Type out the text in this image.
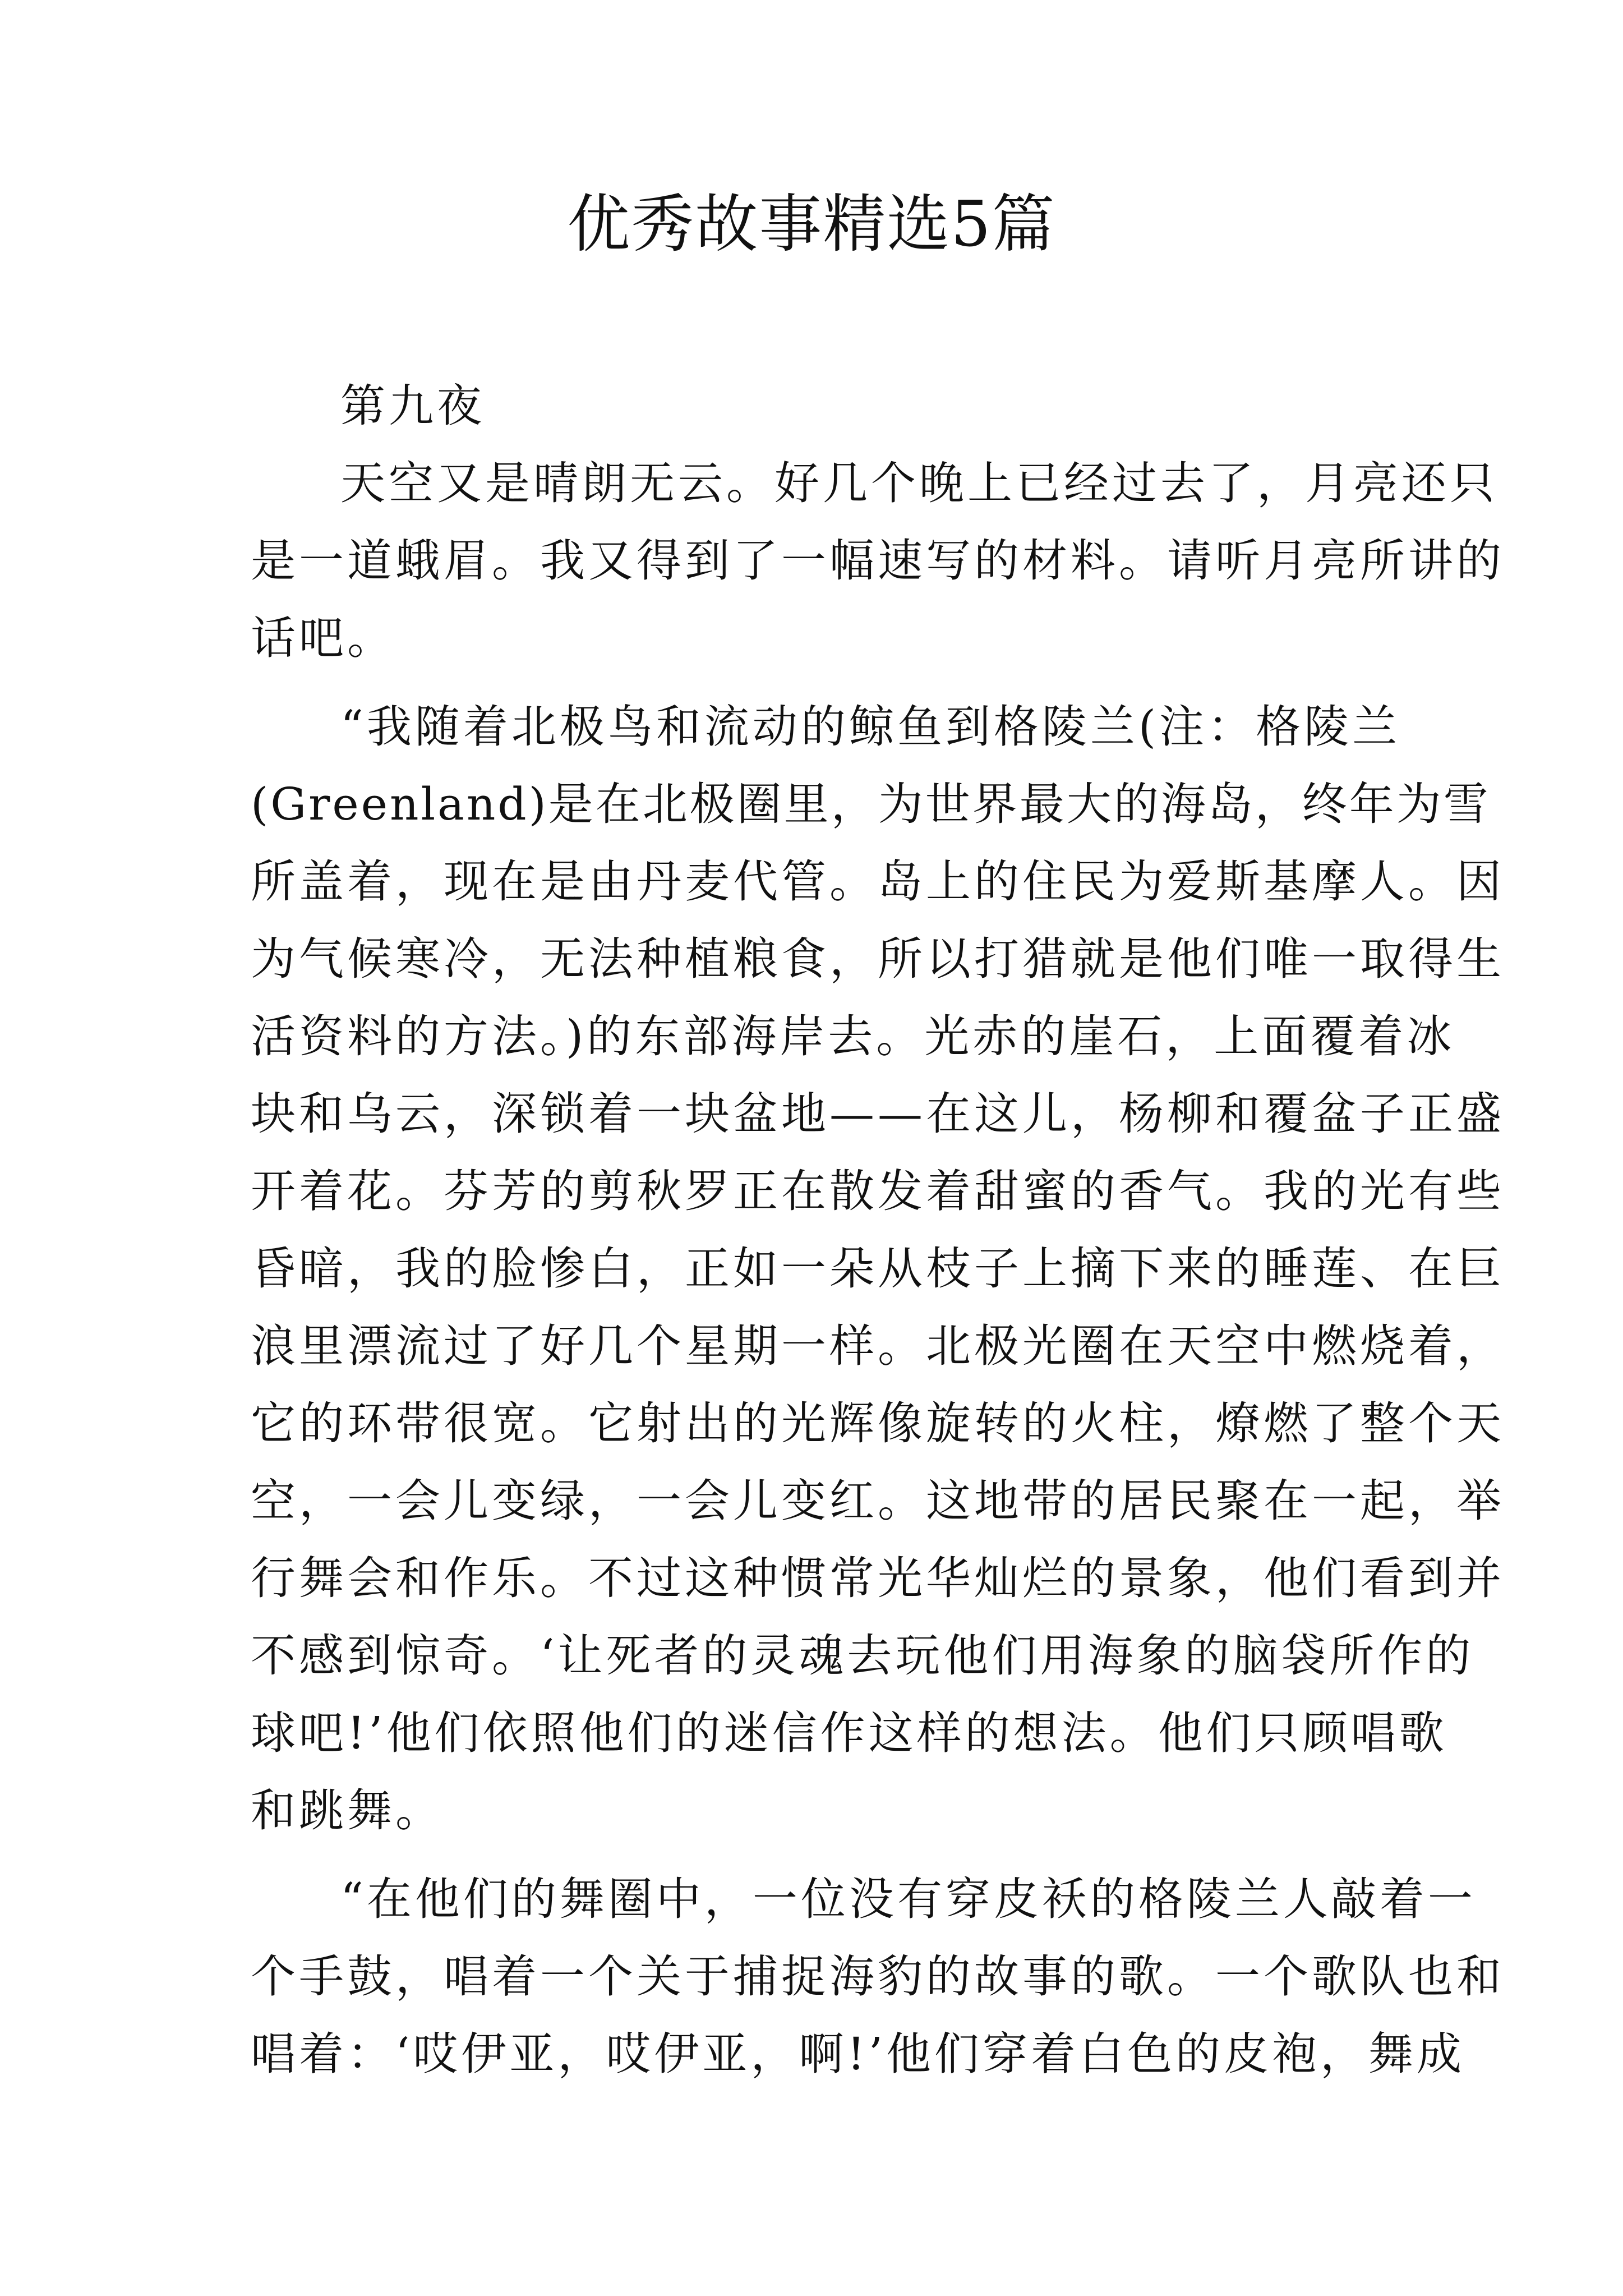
优秀故事精选5篇
第九夜
天空又是晴朗无云。好几个晚上已经过去了，月亮还只
是一道蛾眉。我又得到了一幅速写的材料。请听月亮所讲的
话吧。
“我随着北极鸟和流动的鲸鱼到格陵兰(注：格陵兰
(Greenland)是在北极圈里，为世界最大的海岛，终年为雪
所盖着，现在是由丹麦代管。岛上的住民为爱斯基摩人。因
为气候寒冷，无法种植粮食，所以打猎就是他们唯一取得生
活资料的方法。)的东部海岸去。光赤的崖石，上面覆着冰
块和乌云，深锁着一块盆地——在这儿，杨柳和覆盆子正盛
开着花。芬芳的剪秋罗正在散发着甜蜜的香气。我的光有些
昏暗，我的脸惨白，正如一朵从枝子上摘下来的睡莲、在巨
浪里漂流过了好几个星期一样。北极光圈在天空中燃烧着，
它的环带很宽。它射出的光辉像旋转的火柱，燎燃了整个天
空，一会儿变绿，一会儿变红。这地带的居民聚在一起，举
行舞会和作乐。不过这种惯常光华灿烂的景象，他们看到并
不感到惊奇。‘让死者的灵魂去玩他们用海象的脑袋所作的
球吧!’他们依照他们的迷信作这样的想法。他们只顾唱歌
和跳舞。
“在他们的舞圈中，一位没有穿皮袄的格陵兰人敲着一
个手鼓，唱着一个关于捕捉海豹的故事的歌。一个歌队也和
唱着：‘哎伊亚，哎伊亚，啊!’他们穿着白色的皮袍，舞成
